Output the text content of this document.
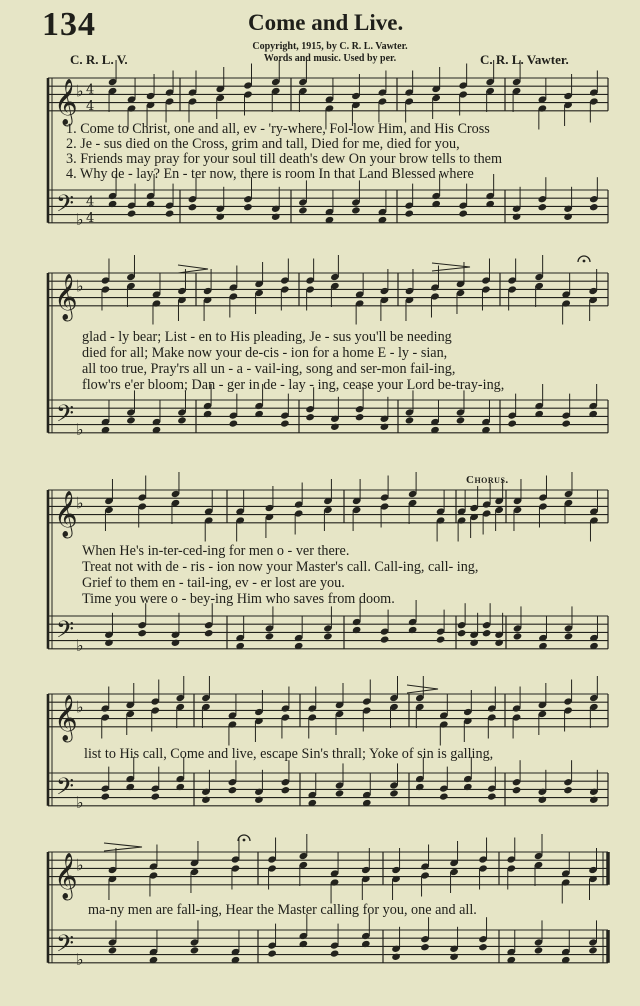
134	Come and Live.
Copyright, 1915, by C. R. L. Vawter.
Words and music. Used by per.
C. R. L. V.	C. R. L. Vawter.
Chorus.
1. Come to Christ, one and all, ev - 'ry-where, Fol-low Him, and His Cross
2. Je - sus died on the Cross, grim and tall, Died for me, died for you,
3. Friends may pray for your soul till death's dew On your brow tells to them
4. Why de - lay? En - ter now, there is room In that Land Blessed where
glad - ly bear; List - en to His pleading, Je - sus you'll be needing
died for all; Make now your de-cis - ion for a home E - ly - sian,
all too true, Pray'rs all un - a - vail-ing, song and ser-mon fail-ing,
flow'rs e'er bloom; Dan - ger in de - lay - ing, cease your Lord be-tray-ing,
When He's in-ter-ced-ing for men o - ver there.
Treat not with de - ris - ion now your Master's call. Call-ing, call- ing,
Grief to them en - tail-ing, ev - er lost are you.
Time you were o - bey-ing Him who saves from doom.
list to His call, Come and live, escape Sin's thrall; Yoke of sin is galling,
ma-ny men are fall-ing, Hear the Master calling for you, one and all.
𝄞
𝄢
♭
♭
4
4
4
4
𝄞
𝄢
♭
♭
𝄞
𝄢
♭
♭
𝄞
𝄢
♭
♭
𝄞
𝄢
♭
♭
